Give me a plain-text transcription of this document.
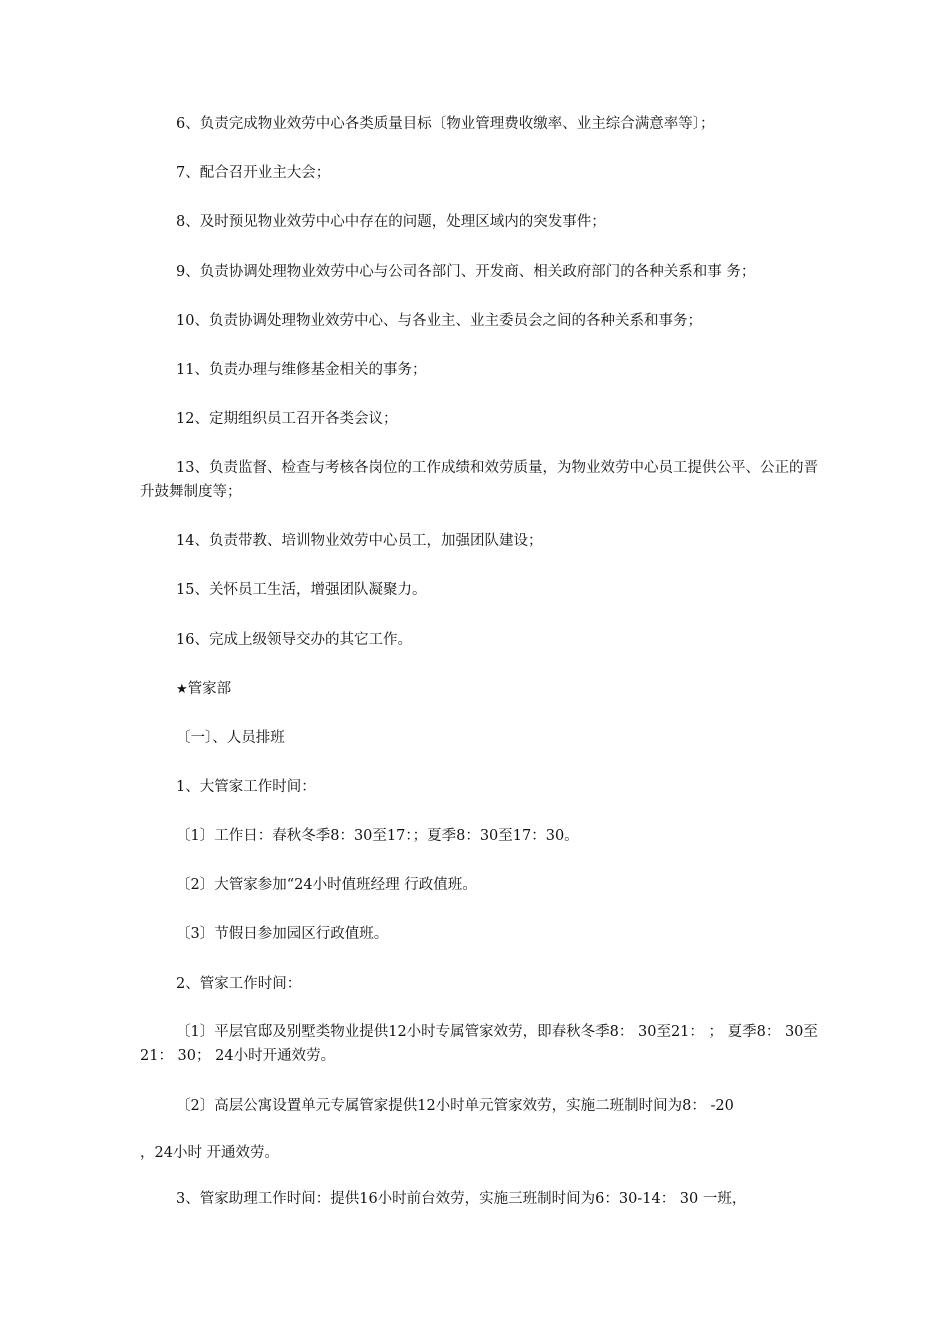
6、负责完成物业效劳中心各类质量目标〔物业管理费收缴率、业主综合满意率等〕；
7、配合召开业主大会；
8、及时预见物业效劳中心中存在的问题，处理区域内的突发事件；
9、负责协调处理物业效劳中心与公司各部门、开发商、相关政府部门的各种关系和事 务；
10、负责协调处理物业效劳中心、与各业主、业主委员会之间的各种关系和事务；
11、负责办理与维修基金相关的事务；
12、定期组织员工召开各类会议；
13、负责监督、检查与考核各岗位的工作成绩和效劳质量，为物业效劳中心员工提供公平、公正的晋升鼓舞制度等；
14、负责带教、培训物业效劳中心员工，加强团队建设；
15、关怀员工生活，增强团队凝聚力。
16、完成上级领导交办的其它工作。
★管家部
〔一〕、人员排班
1、大管家工作时间：
〔1〕工作日：春秋冬季8：30至17：；夏季8：30至17：30。
〔2〕大管家参加“24小时值班经理 行政值班。
〔3〕节假日参加园区行政值班。
2、管家工作时间：
〔1〕平层官邸及别墅类物业提供12小时专属管家效劳，即春秋冬季8： 30至21： ； 夏季8： 30至21： 30； 24小时开通效劳。
〔2〕高层公寓设置单元专属管家提供12小时单元管家效劳，实施二班制时间为8： -20
，24小时 开通效劳。
3、管家助理工作时间：提供16小时前台效劳，实施三班制时间为6：30-14： 30 一班，
